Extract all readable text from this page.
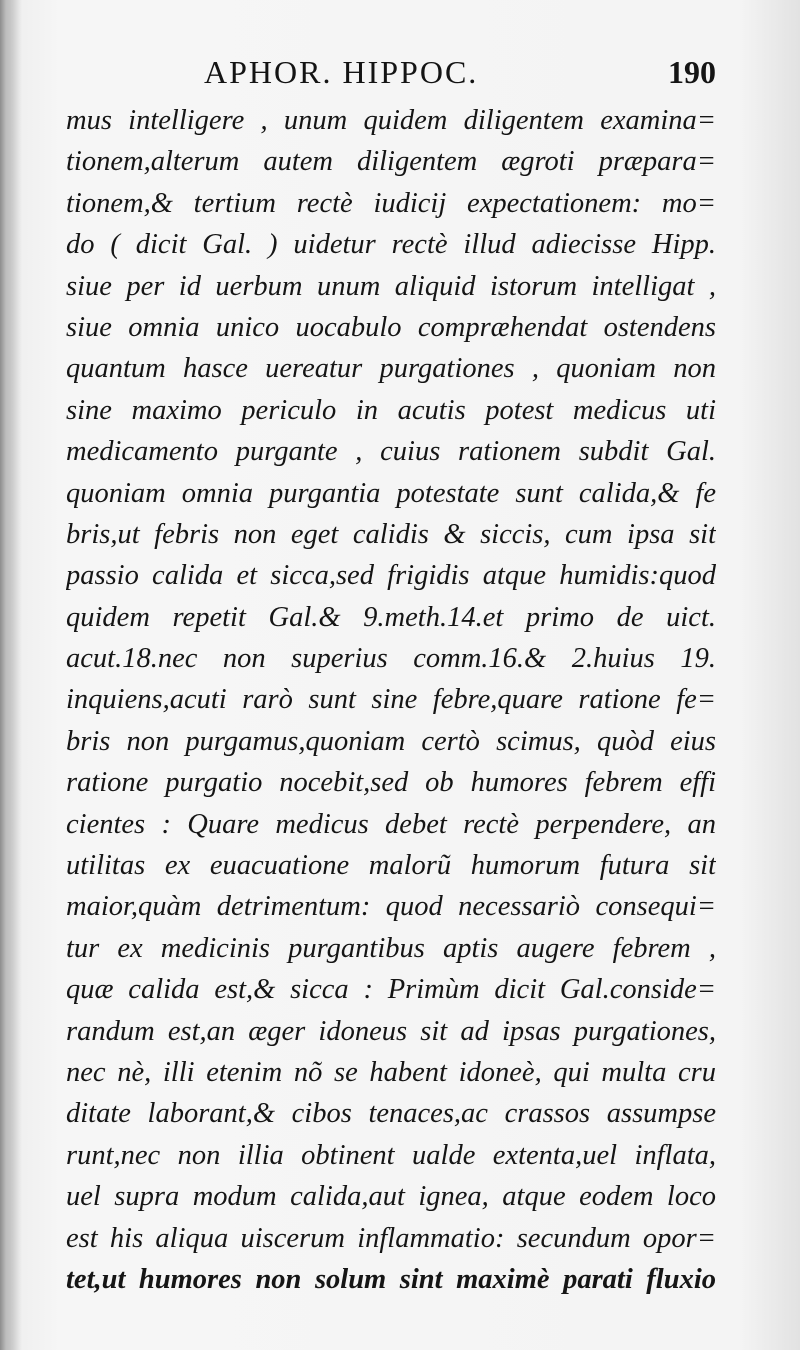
APHOR. HIPPOC.	190
mus intelligere , unum quidem diligentem examina=
tionem,alterum autem diligentem ægroti præpara=
tionem,& tertium rectè iudicij expectationem: mo=
do ( dicit Gal. ) uidetur rectè illud adiecisse Hipp.
siue per id uerbum unum aliquid istorum intelligat ,
siue omnia unico uocabulo compræhendat ostendens
quantum hasce uereatur purgationes , quoniam non
sine maximo periculo in acutis potest medicus uti
medicamento purgante , cuius rationem subdit Gal.
quoniam omnia purgantia potestate sunt calida,& fe
bris,ut febris non eget calidis & siccis, cum ipsa sit
passio calida et sicca,sed frigidis atque humidis:quod
quidem repetit Gal.& 9.meth.14.et primo de uict.
acut.18.nec non superius comm.16.& 2.huius 19.
inquiens,acuti rarò sunt sine febre,quare ratione fe=
bris non purgamus,quoniam certò scimus, quòd eius
ratione purgatio nocebit,sed ob humores febrem effi
cientes : Quare medicus debet rectè perpendere, an
utilitas ex euacuatione malorũ humorum futura sit
maior,quàm detrimentum: quod necessariò consequi=
tur ex medicinis purgantibus aptis augere febrem ,
quæ calida est,& sicca : Primùm dicit Gal.conside=
randum est,an æger idoneus sit ad ipsas purgationes,
nec nè, illi etenim nõ se habent idoneè, qui multa cru
ditate laborant,& cibos tenaces,ac crassos assumpse
runt,nec non illia obtinent ualde extenta,uel inflata,
uel supra modum calida,aut ignea, atque eodem loco
est his aliqua uiscerum inflammatio: secundum opor=
tet,ut humores non solum sint maximè parati fluxio
